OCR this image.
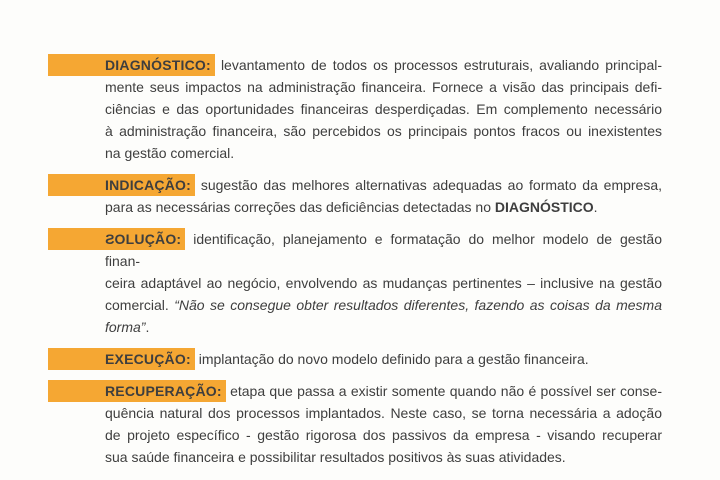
DIAGNÓSTICO: levantamento de todos os processos estruturais, avaliando principal-
mente seus impactos na administração financeira. Fornece a visão das principais defi-
ciências e das oportunidades financeiras desperdiçadas. Em complemento necessário
à administração financeira, são percebidos os principais pontos fracos ou inexistentes
na gestão comercial.
INDICAÇÃO: sugestão das melhores alternativas adequadas ao formato da empresa,
para as necessárias correções das deficiências detectadas no DIAGNÓSTICO.
SOLUÇÃO: identificação, planejamento e formatação do melhor modelo de gestão finan-
ceira adaptável ao negócio, envolvendo as mudanças pertinentes – inclusive na gestão
comercial. “Não se consegue obter resultados diferentes, fazendo as coisas da mesma
forma”.
EXECUÇÃO: implantação do novo modelo definido para a gestão financeira.
RECUPERAÇÃO: etapa que passa a existir somente quando não é possível ser conse-
quência natural dos processos implantados. Neste caso, se torna necessária a adoção
de projeto específico - gestão rigorosa dos passivos da empresa - visando recuperar
sua saúde financeira e possibilitar resultados positivos às suas atividades.
